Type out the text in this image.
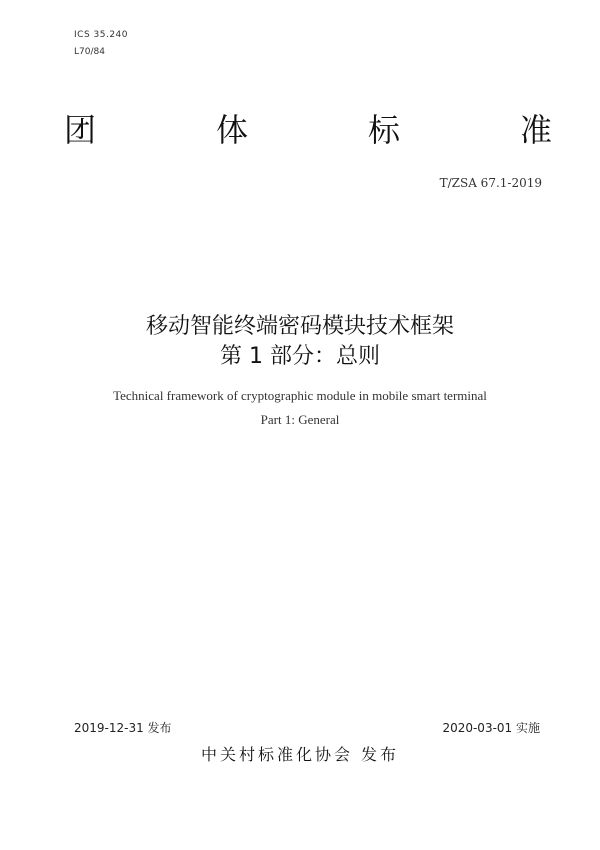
ICS 35.240
L70/84
团	体	标	准
T/ZSA 67.1-2019
移动智能终端密码模块技术框架
第 1 部分：总则
Technical framework of cryptographic module in mobile smart terminal
Part 1: General
2019-12-31 发布	2020-03-01 实施
中关村标准化协会 发布
